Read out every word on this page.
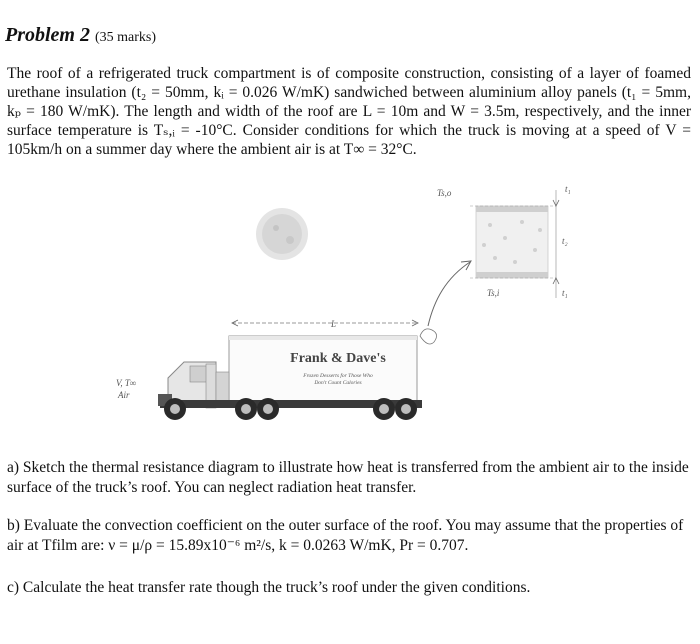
Problem 2 (35 marks)
The roof of a refrigerated truck compartment is of composite construction, consisting of a layer of foamed urethane insulation (t₂ = 50mm, kᵢ = 0.026 W/mK) sandwiched between aluminium alloy panels (t₁ = 5mm, kₚ = 180 W/mK). The length and width of the roof are L = 10m and W = 3.5m, respectively, and the inner surface temperature is Tₛ,ᵢ = -10°C. Consider conditions for which the truck is moving at a speed of V = 105km/h on a summer day where the ambient air is at T∞ = 32°C.
Ts,o	t₁
t₂
t₁
Ts,i
L
Frank & Dave's
Frozen Desserts for Those Who
Don't Count Calories
V, T∞
Air
a) Sketch the thermal resistance diagram to illustrate how heat is transferred from the ambient air to the inside surface of the truck’s roof. You can neglect radiation heat transfer.
b) Evaluate the convection coefficient on the outer surface of the roof. You may assume that the properties of air at Tfilm are: ν = μ/ρ = 15.89x10⁻⁶ m²/s, k = 0.0263 W/mK, Pr = 0.707.
c) Calculate the heat transfer rate though the truck’s roof under the given conditions.
